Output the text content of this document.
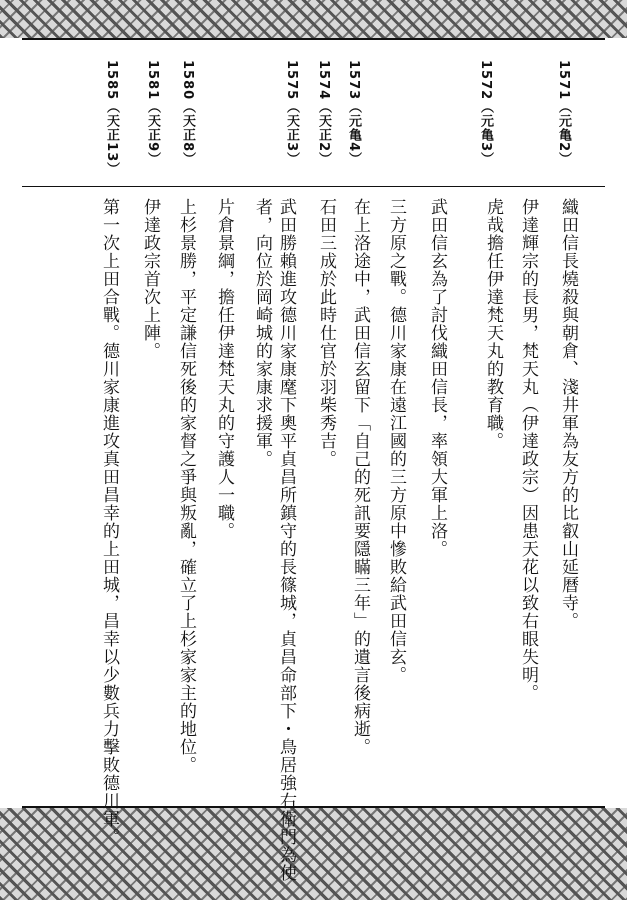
1571（元亀2）
1572（元亀3）
1573（元亀4）
1574（天正2）
1575（天正3）
1580（天正8）
1581（天正9）
1585（天正13）
織田信長燒殺與朝倉、淺井軍為友方的比叡山延曆寺。
伊達輝宗的長男，梵天丸（伊達政宗）因患天花以致右眼失明。
虎哉擔任伊達梵天丸的教育職。
武田信玄為了討伐織田信長，率領大軍上洛。
三方原之戰。德川家康在遠江國的三方原中慘敗給武田信玄。
在上洛途中，武田信玄留下「自己的死訊要隱瞞三年」的遺言後病逝。
石田三成於此時仕官於羽柴秀吉。
武田勝賴進攻德川家康麾下奧平貞昌所鎮守的長篠城，貞昌命部下・鳥居強右衛門為使
者，向位於岡崎城的家康求援軍。
片倉景綱，擔任伊達梵天丸的守護人一職。
上杉景勝，平定謙信死後的家督之爭與叛亂，確立了上杉家家主的地位。
伊達政宗首次上陣。
第一次上田合戰。德川家康進攻真田昌幸的上田城，昌幸以少數兵力擊敗德川軍。
